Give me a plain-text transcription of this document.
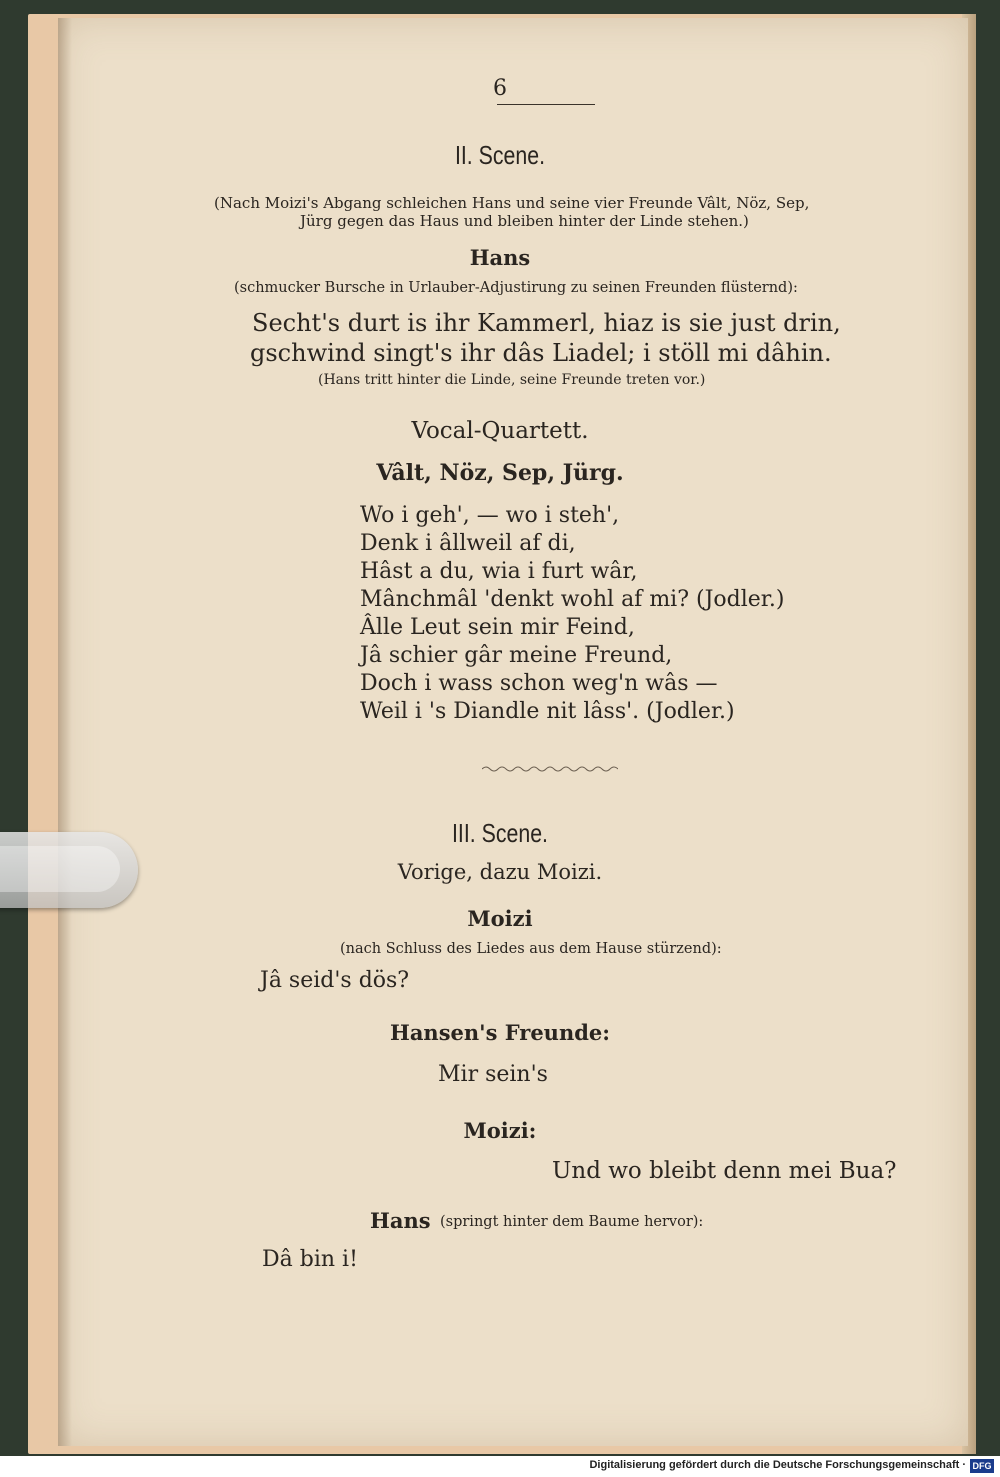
6
II. Scene.
(Nach Moizi's Abgang schleichen Hans und seine vier Freunde Vâlt, Nöz, Sep,
Jürg gegen das Haus und bleiben hinter der Linde stehen.)
Hans
(schmucker Bursche in Urlauber-Adjustirung zu seinen Freunden flüsternd):
Secht's durt is ihr Kammerl, hiaz is sie just drin,
gschwind singt's ihr dâs Liadel; i stöll mi dâhin.
(Hans tritt hinter die Linde, seine Freunde treten vor.)
Vocal-Quartett.
Vâlt, Nöz, Sep, Jürg.
Wo i geh', — wo i steh',
Denk i âllweil af di,
Hâst a du, wia i furt wâr,
Mânchmâl 'denkt wohl af mi? (Jodler.)
Âlle Leut sein mir Feind,
Jâ schier gâr meine Freund,
Doch i wass schon weg'n wâs —
Weil i 's Diandle nit lâss'. (Jodler.)
III. Scene.
Vorige, dazu Moizi.
Moizi
(nach Schluss des Liedes aus dem Hause stürzend):
Jâ seid's dös?
Hansen's Freunde:
Mir sein's
Moizi:
Und wo bleibt denn mei Bua?
Hans (springt hinter dem Baume hervor):
Dâ bin i!
Digitalisierung gefördert durch die Deutsche Forschungsgemeinschaft · DFG
